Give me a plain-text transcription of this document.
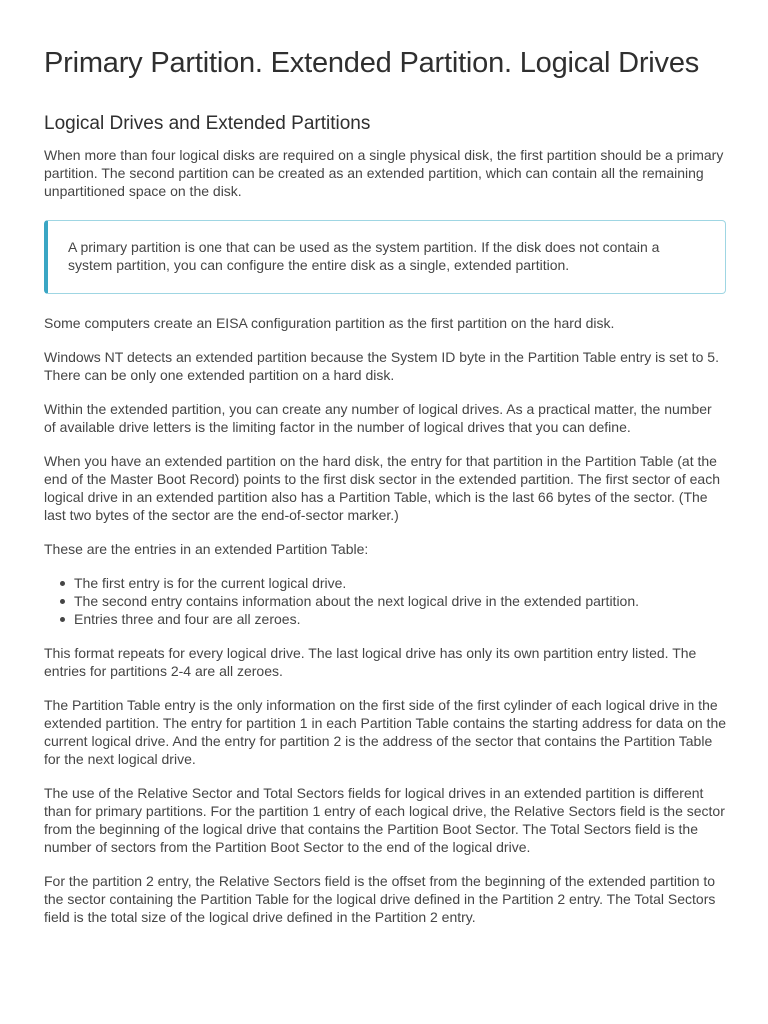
Primary Partition. Extended Partition. Logical Drives
Logical Drives and Extended Partitions

When more than four logical disks are required on a single physical disk, the first partition should be a primary partition. The second partition can be created as an extended partition, which can contain all the remaining unpartitioned space on the disk.

A primary partition is one that can be used as the system partition. If the disk does not contain a system partition, you can configure the entire disk as a single, extended partition.

Some computers create an EISA configuration partition as the first partition on the hard disk.

Windows NT detects an extended partition because the System ID byte in the Partition Table entry is set to 5. There can be only one extended partition on a hard disk.

Within the extended partition, you can create any number of logical drives. As a practical matter, the number of available drive letters is the limiting factor in the number of logical drives that you can define.

When you have an extended partition on the hard disk, the entry for that partition in the Partition Table (at the end of the Master Boot Record) points to the first disk sector in the extended partition. The first sector of each logical drive in an extended partition also has a Partition Table, which is the last 66 bytes of the sector. (The last two bytes of the sector are the end-of-sector marker.)

These are the entries in an extended Partition Table:

The first entry is for the current logical drive.
The second entry contains information about the next logical drive in the extended partition.
Entries three and four are all zeroes.

This format repeats for every logical drive. The last logical drive has only its own partition entry listed. The entries for partitions 2-4 are all zeroes.

The Partition Table entry is the only information on the first side of the first cylinder of each logical drive in the extended partition. The entry for partition 1 in each Partition Table contains the starting address for data on the current logical drive. And the entry for partition 2 is the address of the sector that contains the Partition Table for the next logical drive.

The use of the Relative Sector and Total Sectors fields for logical drives in an extended partition is different than for primary partitions. For the partition 1 entry of each logical drive, the Relative Sectors field is the sector from the beginning of the logical drive that contains the Partition Boot Sector. The Total Sectors field is the number of sectors from the Partition Boot Sector to the end of the logical drive.

For the partition 2 entry, the Relative Sectors field is the offset from the beginning of the extended partition to the sector containing the Partition Table for the logical drive defined in the Partition 2 entry. The Total Sectors field is the total size of the logical drive defined in the Partition 2 entry.
